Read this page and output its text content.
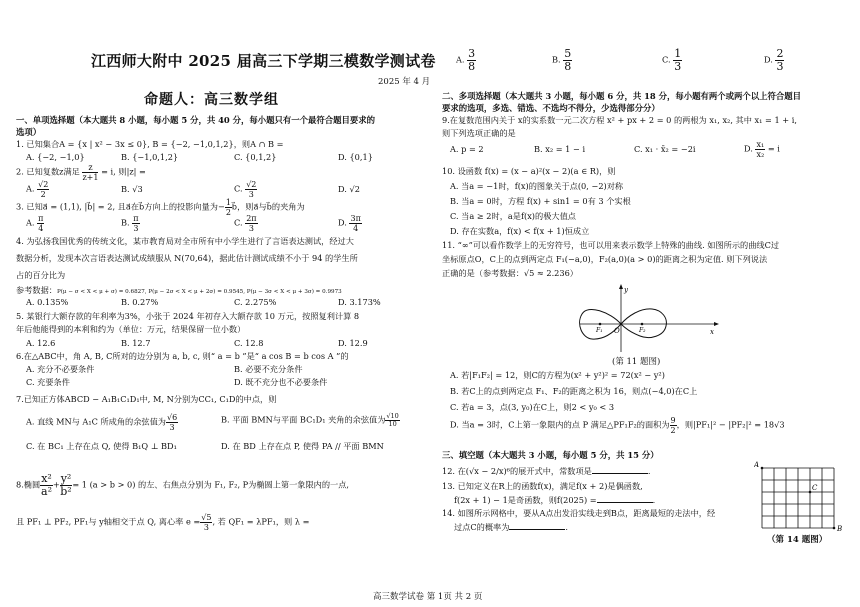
江西师大附中 2025 届高三下学期三模数学测试卷
2025 年 4 月
命题人：高三数学组
一、单项选择题（本大题共 8 小题，每小题 5 分，共 40 分，每小题只有一个最符合题目要求的
选项）
1. 已知集合A = {x | x² − 3x ≤ 0}, B = {−2, −1,0,1,2}，则A ∩ B =
A. {−2, −1,0}	B. {−1,0,1,2}	C. {0,1,2}	D. {0,1}
2. 已知复数z满足 $\frac{z}{z+1} = i$, 则|z| =
A. $\frac{√2}{2}$	B. √3	C. $\frac{√2}{3}$	D. √2
3. 已知a⃗ = (1,1), |b⃗| = 2, 且a⃗在b⃗方向上的投影向量为− $\frac{1}{2}$ b⃗，则a⃗与b⃗的夹角为
A. $\frac{\pi}{4}$	B. $\frac{\pi}{3}$	C. $\frac{2\pi}{3}$	D. $\frac{3\pi}{4}$
4. 为弘扬我国优秀的传统文化，某市教育局对全市所有中小学生进行了言语表达测试，经过大
数据分析，发现本次言语表达测试成绩服从 N(70,64)，据此估计测试成绩不小于 94 的学生所
占的百分比为
参考数据：P(μ − σ < X < μ + σ) = 0.6827, P(μ − 2σ < X < μ + 2σ) = 0.9545, P(μ − 3σ < X < μ + 3σ) = 0.9973
A. 0.135%	B. 0.27%	C. 2.275%	D. 3.173%
5. 某银行大额存款的年利率为3%，小张于 2024 年初存入大额存款 10 万元，按照复利计算 8
年后他能得到的本利和约为（单位：万元，结果保留一位小数）
A. 12.6	B. 12.7	C. 12.8	D. 12.9
6.在△ABC中，角 A, B, C所对的边分别为 a, b, c, 则“ a = b ”是“ a cos B = b cos A ”的
A. 充分不必要条件	B. 必要不充分条件
C. 充要条件	D. 既不充分也不必要条件
7.已知正方体ABCD − A₁B₁C₁D₁中, M, N分别为CC₁, C₁D的中点，则
A. 直线 MN与 A₁C 所成角的余弦值为 $\frac{√6}{3}$	B. 平面 BMN与平面 BC₁D₁ 夹角的余弦值为 $\frac{√10}{10}$
C. 在 BC₁ 上存在点 Q, 使得 B₁Q ⊥ BD₁	D. 在 BD 上存在点 P, 使得 PA // 平面 BMN
8.椭圆 $\frac{\text{x²}}{\text{a²}} + \frac{\text{y²}}{\text{b²}} = 1$ (a > b > 0) 的左、右焦点分别为 F₁, F₂, P为椭圆上第一象限内的一点,
且 PF₁ ⊥ PF₂, PF₁与 y轴相交于点 Q, 离心率 $e = \frac{√5}{3}$ , 若 QF₁ = λPF₁，则 λ =
A. $\frac{3}{8}$	B. $\frac{5}{8}$	C. $\frac{1}{3}$	D. $\frac{2}{3}$
二、多项选择题（本大题共 3 小题，每小题 6 分，共 18 分，每小题有两个或两个以上符合题目
要求的选项，多选、错选、不选均不得分，少选得部分分）
9.在复数范围内关于 x的实系数一元二次方程 x² + px + 2 = 0 的两根为 x₁, x₂, 其中 x₁ = 1 + i,
则下列选项正确的是
A. p = 2	B. x₂ = 1 − i	C. x₁ · x̄₂ = −2i	D. $\frac{\text{x₁}}{\text{x₂}} = i$
10. 设函数 f(x) = (x − a)²(x − 2)(a ∈ R)，则
A. 当a = −1时，f(x)的图象关于点(0, −2)对称
B. 当a = 0时，方程 f(x) + sin1 = 0有 3 个实根
C. 当a ≥ 2时，a是f(x)的极大值点
D. 存在实数a，f(x) < f(x + 1)恒成立
11. “∞”可以看作数学上的无穷符号，也可以用来表示数学上特殊的曲线. 如图所示的曲线C过
坐标原点O，C上的点到两定点 F₁(−a,0)，F₂(a,0)(a > 0)的距离之积为定值. 则下列说法
正确的是（参考数据：√5 ≈ 2.236）
y
x
O
F₁	F₂
(第 11 题图)
A. 若|F₁F₂| = 12，则C的方程为(x² + y²)² = 72(x² − y²)
B. 若C上的点到两定点 F₁、F₂的距离之积为 16，则点(−4,0)在C上
C. 若a = 3，点(3, y₀)在C上，则2 < y₀ < 3
D. 当a = 3时，C上第一象限内的点 P 满足△PF₁F₂的面积为 $\frac{9}{2}$ ，则|PF₁|² − |PF₂|² = 18√3
三、填空题（本大题共 3 小题，每小题 5 分，共 15 分）
12. 在(√x − 2/x)⁶的展开式中，常数项是	.
13. 已知定义在R上的函数f(x)，满足f(x + 2)是偶函数,
f(2x + 1) − 1是奇函数，则f(2025) =	.
14. 如图所示网格中，要从A点出发沿实线走到B点，距离最短的走法中，经
过点C的概率为	.
A
B
C
（第 14 题图）
高三数学试卷 第 1页 共 2 页
